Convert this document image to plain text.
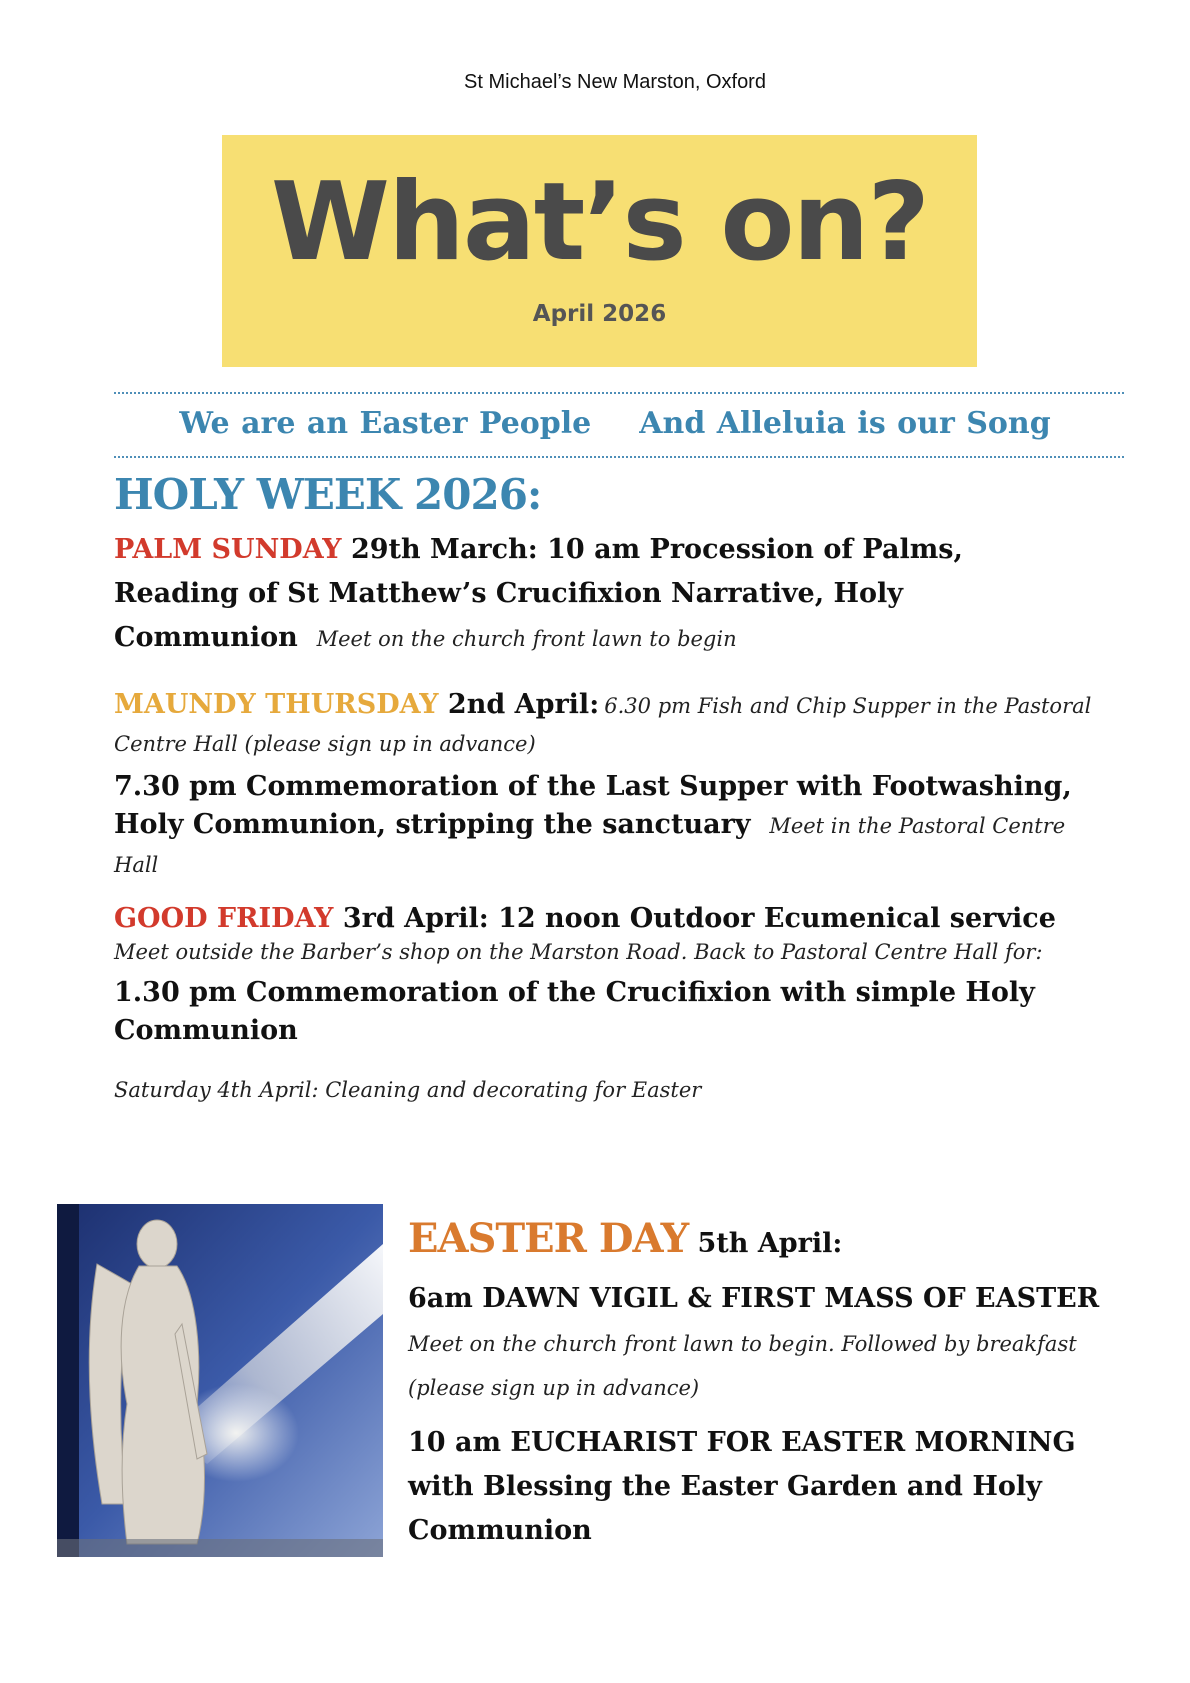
St Michael’s New Marston, Oxford
What’s on?
April 2026
We are an Easter People And Alleluia is our Song
HOLY WEEK 2026:
PALM SUNDAY 29th March: 10 am Procession of Palms,
Reading of St Matthew’s Crucifixion Narrative, Holy
Communion Meet on the church front lawn to begin
MAUNDY THURSDAY 2nd April: 6.30 pm Fish and Chip Supper in the Pastoral Centre Hall (please sign up in advance)
7.30 pm Commemoration of the Last Supper with Footwashing, Holy Communion, stripping the sanctuary Meet in the Pastoral Centre Hall
GOOD FRIDAY 3rd April: 12 noon Outdoor Ecumenical service
Meet outside the Barber’s shop on the Marston Road. Back to Pastoral Centre Hall for:
1.30 pm Commemoration of the Crucifixion with simple Holy Communion
Saturday 4th April: Cleaning and decorating for Easter
EASTER DAY 5th April:
6am DAWN VIGIL & FIRST MASS OF EASTER Meet on the church front lawn to begin. Followed by breakfast (please sign up in advance)
10 am EUCHARIST FOR EASTER MORNING with Blessing the Easter Garden and Holy Communion
